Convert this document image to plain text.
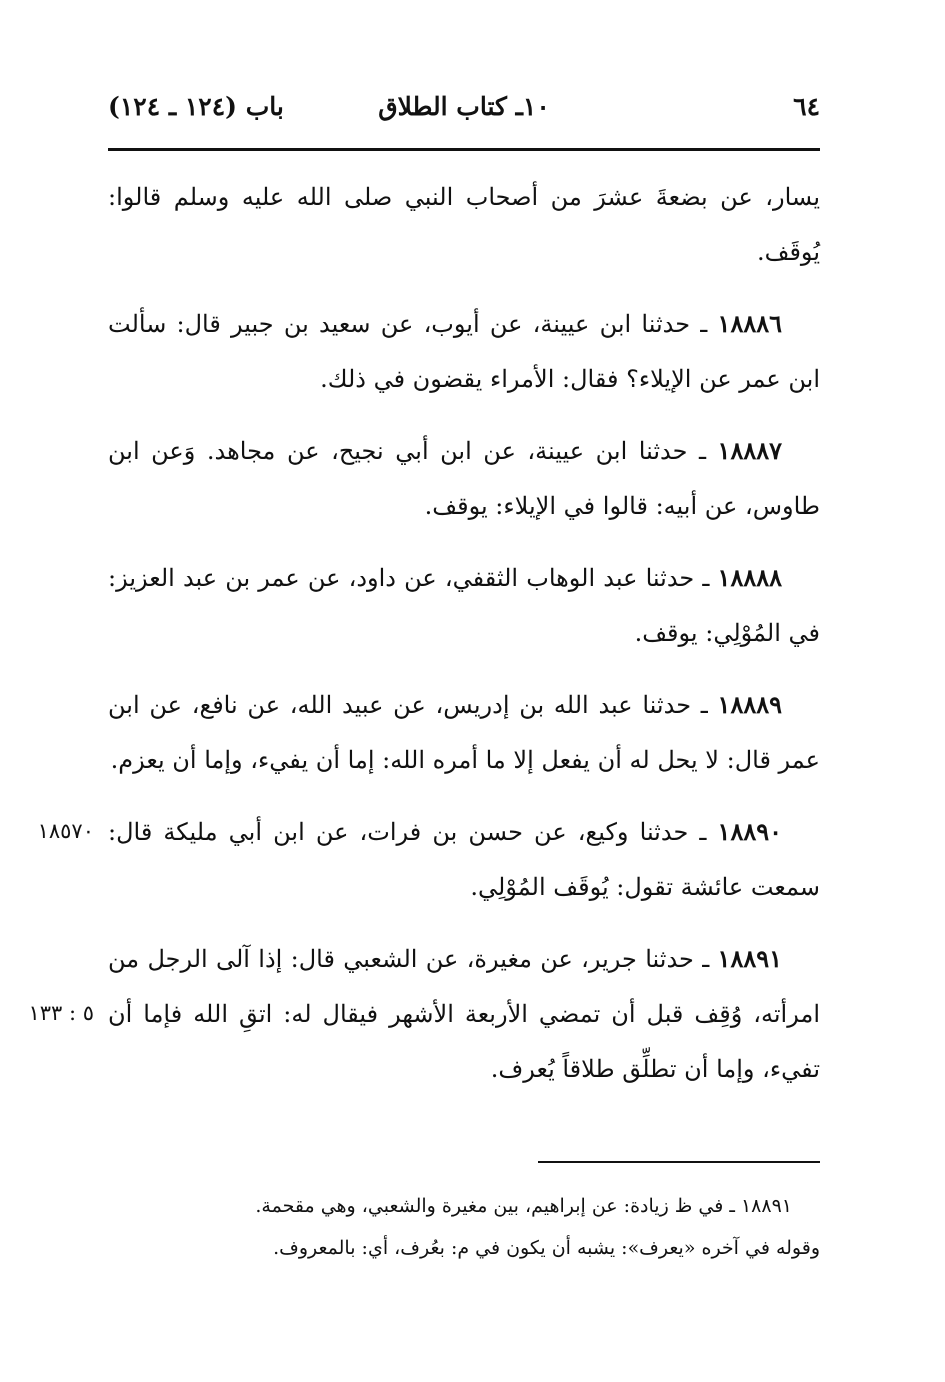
٦٤
١٠ـ كتاب الطلاق
باب (١٢٤ ـ ١٢٤)

يسار، عن بضعةَ عشرَ من أصحاب النبي صلى الله عليه وسلم قالوا: يُوقَف.

١٨٨٨٦ ـ حدثنا ابن عيينة، عن أيوب، عن سعيد بن جبير قال: سألت ابن عمر عن الإيلاء؟ فقال: الأمراء يقضون في ذلك.

١٨٨٨٧ ـ حدثنا ابن عيينة، عن ابن أبي نجيح، عن مجاهد. وَعن ابن طاوس، عن أبيه: قالوا في الإيلاء: يوقف.

١٨٨٨٨ ـ حدثنا عبد الوهاب الثقفي، عن داود، عن عمر بن عبد العزيز: في المُوْلِي: يوقف.

١٨٨٨٩ ـ حدثنا عبد الله بن إدريس، عن عبيد الله، عن نافع، عن ابن عمر قال: لا يحل له أن يفعل إلا ما أمره الله: إما أن يفيء، وإما أن يعزم.

١٨٥٧٠	١٨٨٩٠ ـ حدثنا وكيع، عن حسن بن فرات، عن ابن أبي مليكة قال: سمعت عائشة تقول: يُوقَف المُوْلِي.

٥ : ١٣٣
١٨٨٩١ ـ حدثنا جرير، عن مغيرة، عن الشعبي قال: إذا آلى الرجل من امرأته، وُقِف قبل أن تمضي الأربعة الأشهر فيقال له: اتقِ الله فإما أن تفيء، وإما أن تطلِّق طلاقاً يُعرف.

١٨٨٩١ ـ في ظ زيادة: عن إبراهيم، بين مغيرة والشعبي، وهي مقحمة.

وقوله في آخره «يعرف»: يشبه أن يكون في م: بعُرف، أي: بالمعروف.
